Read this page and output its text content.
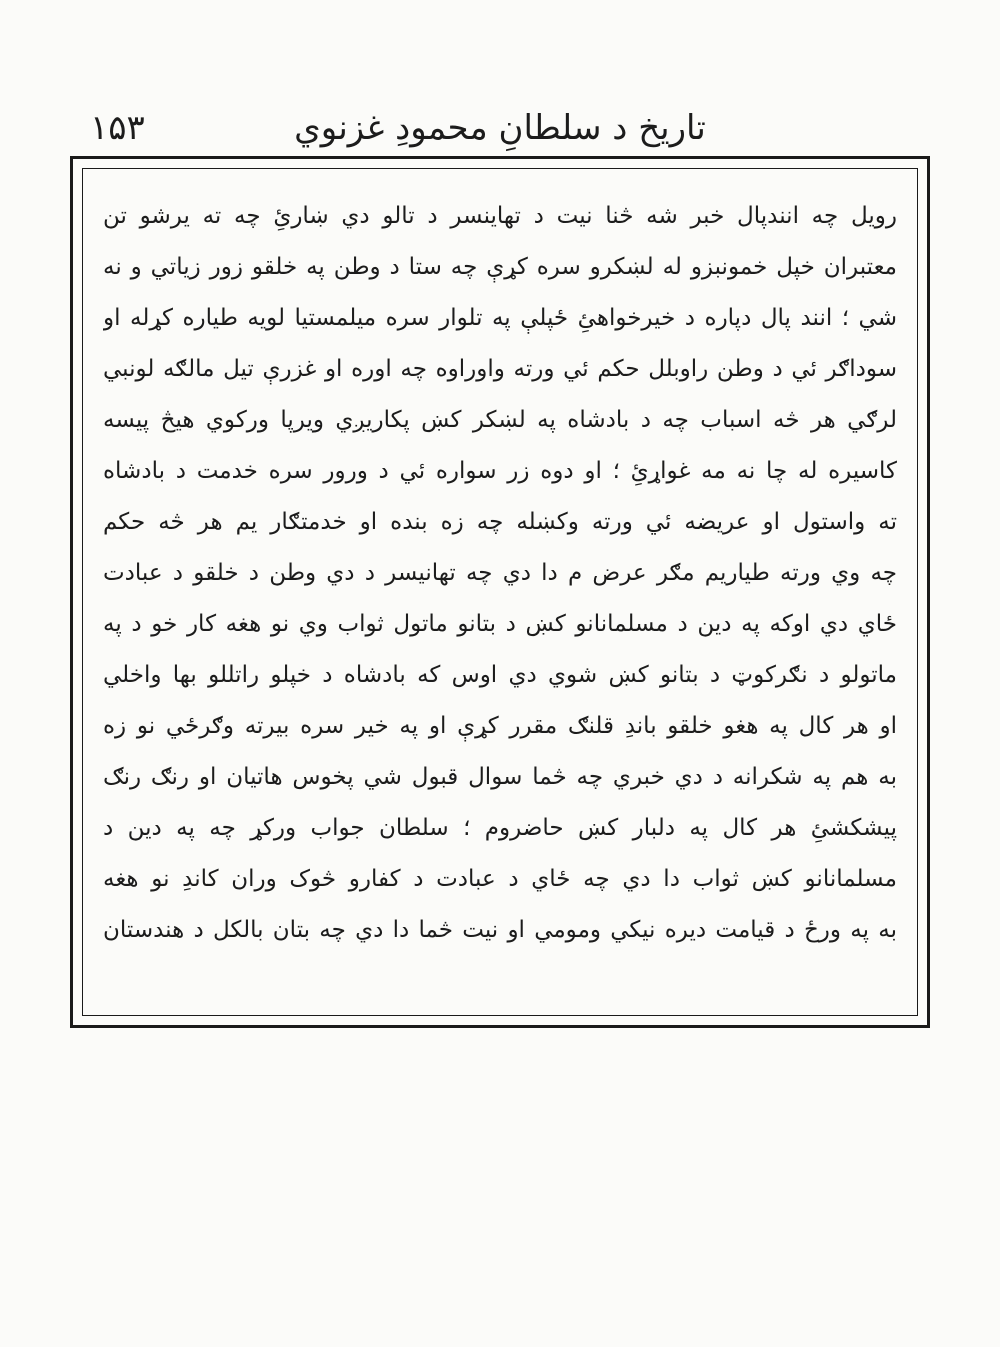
۱۵۳	تاریخ د سلطانِ محمودِ غزنوي
رویل چه انندپال خبر شه څنا نیت د تهاینسر د تالو دي ښارئِ چه ته یرشو تن
معتبران خپل خمونبزو له لښکرو سره کړې چه ستا د وطن په خلقو زور زیاتي و نه
شي ؛ انند پال دپاره د خیرخواهئِ ځپلې په تلوار سره میلمستیا لویه طیاره کړله او
سوداګر ئي د وطن راوبلل حکم ئي ورته واوراوه چه اوره او غزرې تیل مالګه لونبي
لرګي هر څه اسباب چه د بادشاه په لښکر کښ پکاریږي ویرپا ورکوي هیڅ پیسه
کاسیره له چا نه مه غواړئِ ؛ او دوه زر سواره ئي د ورور سره خدمت د بادشاه
ته واستول او عریضه ئي ورته وکښله چه زه بنده او خدمتګار یم هر څه حکم
چه وي ورته طیاریم مګر عرض م دا دي چه تهانیسر د دي وطن د خلقو د عبادت
ځاي دي اوکه په دین د مسلمانانو کښ د بتانو ماتول ثواب وي نو هغه کار خو د په
ماتولو د نګرکوټ د بتانو کښ شوي دي اوس که بادشاه د خپلو راتللو بها واخلي
او هر کال په هغو خلقو باندِ قلنګ مقرر کړې او په خیر سره بیرته وګرځي نو زه
به هم په شکرانه د دي خبري چه څما سوال قبول شي پخوس هاتیان او رنګ رنګ
پیشکشئِ هر کال په دلبار کښ حاضروم ؛ سلطان جواب ورکړ چه په دین د
مسلمانانو کښ ثواب دا دي چه ځاي د عبادت د کفارو څوک وران کاندِ نو هغه
به په ورځ د قیامت دیره نیکي ومومي او نیت څما دا دي چه بتان بالکل د هندستان
